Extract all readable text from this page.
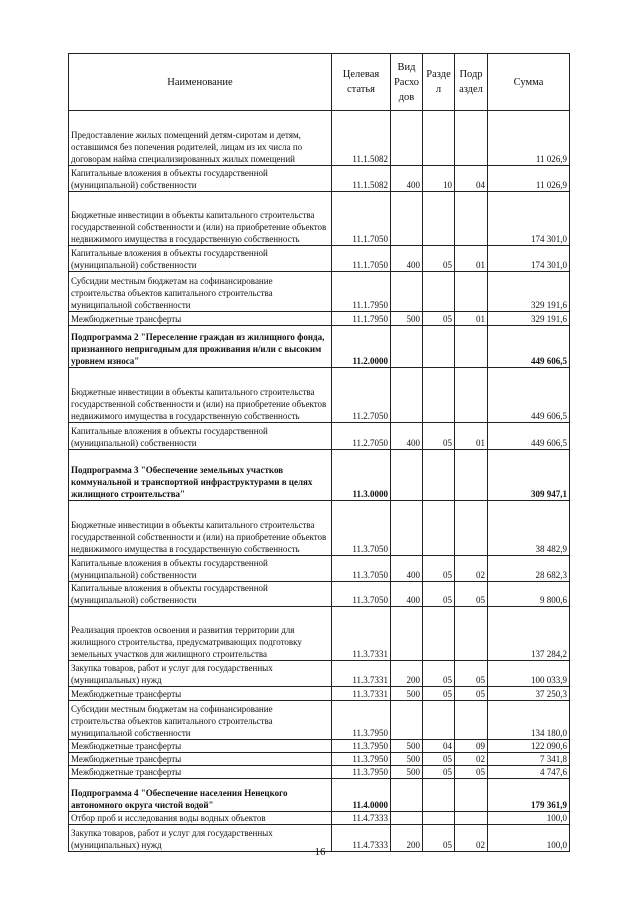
Наименование	Целевая статья	Вид Расхо дов	Разде л	Подр аздел	Сумма
Предоставление жилых помещений детям-сиротам и детям, оставшимся без попечения родителей, лицам из их числа по договорам найма специализированных жилых помещений	11.1.5082				11 026,9
Капитальные вложения в объекты государственной (муниципальной) собственности	11.1.5082	400	10	04	11 026,9
Бюджетные инвестиции в объекты капитального строительства государственной собственности и (или) на приобретение объектов недвижимого имущества в государственную собственность	11.1.7050				174 301,0
Капитальные вложения в объекты государственной (муниципальной) собственности	11.1.7050	400	05	01	174 301,0
Субсидии местным бюджетам на софинансирование строительства объектов капитального строительства муниципальной собственности	11.1.7950				329 191,6
Межбюджетные трансферты	11.1.7950	500	05	01	329 191,6
Подпрограмма 2 "Переселение граждан из жилищного фонда, признанного непригодным для проживания и/или с высоким уровнем износа"	11.2.0000				449 606,5
Бюджетные инвестиции в объекты капитального строительства государственной собственности и (или) на приобретение объектов недвижимого имущества в государственную собственность	11.2.7050				449 606,5
Капитальные вложения в объекты государственной (муниципальной) собственности	11.2.7050	400	05	01	449 606,5
Подпрограмма 3 "Обеспечение земельных участков коммунальной и транспортной инфраструктурами в целях жилищного строительства"	11.3.0000				309 947,1
Бюджетные инвестиции в объекты капитального строительства государственной собственности и (или) на приобретение объектов недвижимого имущества в государственную собственность	11.3.7050				38 482,9
Капитальные вложения в объекты государственной (муниципальной) собственности	11.3.7050	400	05	02	28 682,3
Капитальные вложения в объекты государственной (муниципальной) собственности	11.3.7050	400	05	05	9 800,6
Реализация проектов освоения и развития территории для жилищного строительства, предусматривающих подготовку земельных участков для жилищного строительства	11.3.7331				137 284,2
Закупка товаров, работ и услуг для государственных (муниципальных) нужд	11.3.7331	200	05	05	100 033,9
Межбюджетные трансферты	11.3.7331	500	05	05	37 250,3
Субсидии местным бюджетам на софинансирование строительства объектов капитального строительства муниципальной собственности	11.3.7950				134 180,0
Межбюджетные трансферты	11.3.7950	500	04	09	122 090,6
Межбюджетные трансферты	11.3.7950	500	05	02	7 341,8
Межбюджетные трансферты	11.3.7950	500	05	05	4 747,6
Подпрограмма 4 "Обеспечение населения Ненецкого автономного округа чистой водой"	11.4.0000				179 361,9
Отбор проб и исследования воды водных объектов	11.4.7333				100,0
Закупка товаров, работ и услуг для государственных (муниципальных) нужд	11.4.7333	200	05	02	100,0
16
